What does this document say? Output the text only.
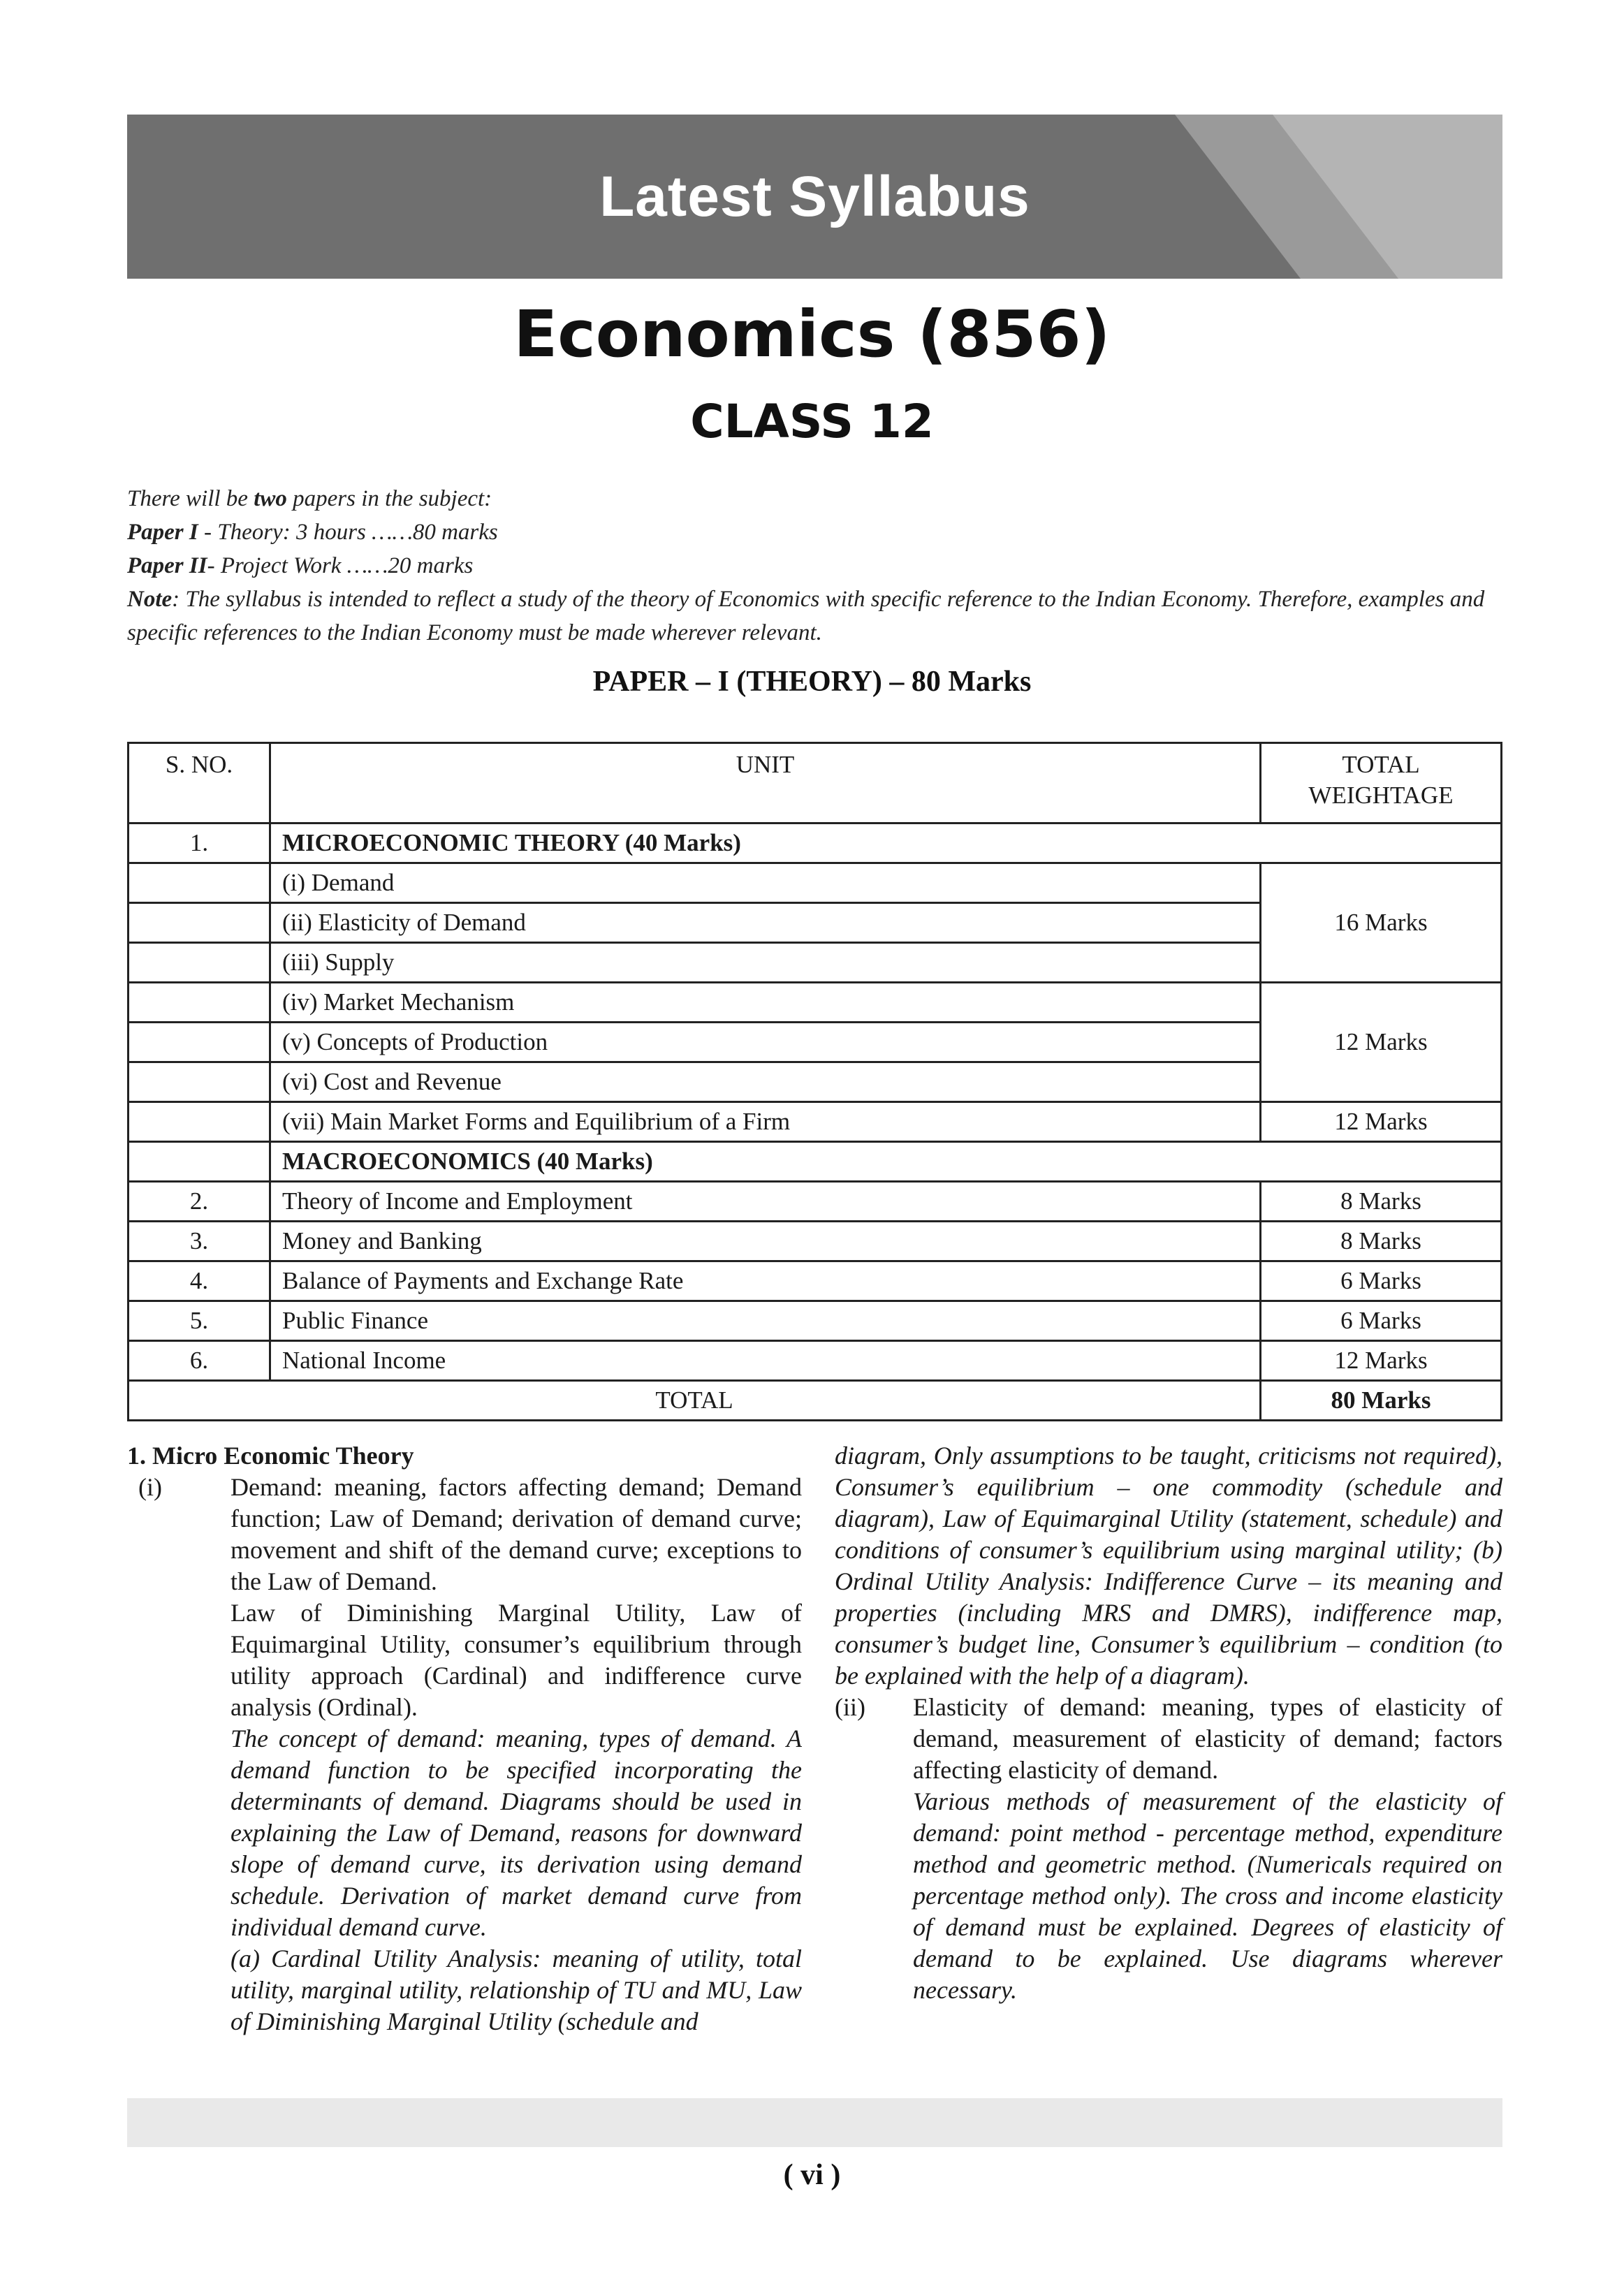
Latest Syllabus
Economics (856)
CLASS 12

There will be two papers in the subject:

Paper I - Theory: 3 hours ……80 marks

Paper II- Project Work ……20 marks

Note: The syllabus is intended to reflect a study of the theory of Economics with specific reference to the Indian Economy. Therefore, examples and specific references to the Indian Economy must be made wherever relevant.

PAPER – I (THEORY) – 80 Marks
S. NO.	UNIT	TOTAL WEIGHTAGE
1.	MICROECONOMIC THEORY (40 Marks)	
	(i) Demand	16 Marks
	(ii) Elasticity of Demand	
	(iii) Supply	
	(iv) Market Mechanism	12 Marks
	(v) Concepts of Production	
	(vi) Cost and Revenue	
	(vii) Main Market Forms and Equilibrium of a Firm	12 Marks
	MACROECONOMICS (40 Marks)	
2.	Theory of Income and Employment	8 Marks
3.	Money and Banking	8 Marks
4.	Balance of Payments and Exchange Rate	6 Marks
5.	Public Finance	6 Marks
6.	National Income	12 Marks
TOTAL		80 Marks

1. Micro Economic Theory

(i)	Demand: meaning, factors affecting demand; Demand function; Law of Demand; derivation of demand curve; movement and shift of the demand curve; exceptions to the Law of Demand.

Law of Diminishing Marginal Utility, Law of Equimarginal Utility, consumer’s equilibrium through utility approach (Cardinal) and indifference curve analysis (Ordinal).

The concept of demand: meaning, types of demand. A demand function to be specified incorporating the determinants of demand. Diagrams should be used in explaining the Law of Demand, reasons for downward slope of demand curve, its derivation using demand schedule. Derivation of market demand curve from individual demand curve.

(a) Cardinal Utility Analysis: meaning of utility, total utility, marginal utility, relationship of TU and MU, Law of Diminishing Marginal Utility (schedule and

diagram, Only assumptions to be taught, criticisms not required), Consumer’s equilibrium – one commodity (schedule and diagram), Law of Equimarginal Utility (statement, schedule) and conditions of consumer’s equilibrium using marginal utility; (b) Ordinal Utility Analysis: Indifference Curve – its meaning and properties (including MRS and DMRS), indifference map, consumer’s budget line, Consumer’s equilibrium – condition (to be explained with the help of a diagram).

(ii)	Elasticity of demand: meaning, types of elasticity of demand, measurement of elasticity of demand; factors affecting elasticity of demand.

Various methods of measurement of the elasticity of demand: point method - percentage method, expenditure method and geometric method. (Numericals required on percentage method only). The cross and income elasticity of demand must be explained. Degrees of elasticity of demand to be explained. Use diagrams wherever necessary.

( vi )
